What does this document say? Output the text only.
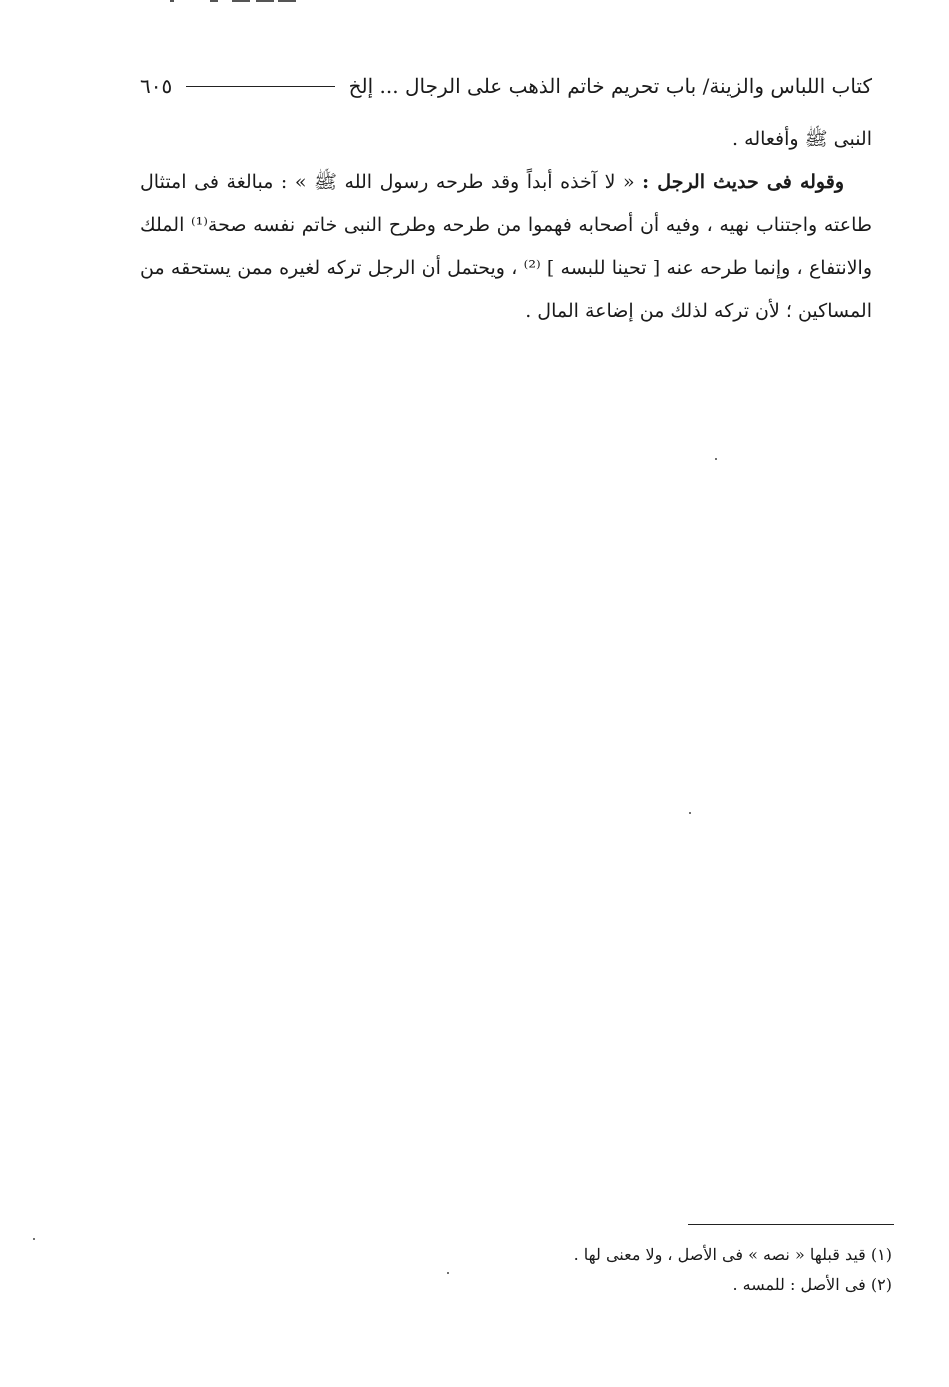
كتاب اللباس والزينة/ باب تحريم خاتم الذهب على الرجال ... إلخ
٦٠٥

النبى ﷺ وأفعاله .

وقوله فى حديث الرجل : « لا آخذه أبداً وقد طرحه رسول الله ﷺ » : مبالغة فى امتثال طاعته واجتناب نهيه ، وفيه أن أصحابه فهموا من طرحه وطرح النبى خاتم نفسه صحة⁽¹⁾ الملك والانتفاع ، وإنما طرحه عنه [ تحينا للبسه ] ⁽²⁾ ، ويحتمل أن الرجل تركه لغيره ممن يستحقه من المساكين ؛ لأن تركه لذلك من إضاعة المال .

(١) قيد قبلها « نصه » فى الأصل ، ولا معنى لها .
(٢) فى الأصل : للمسه .
